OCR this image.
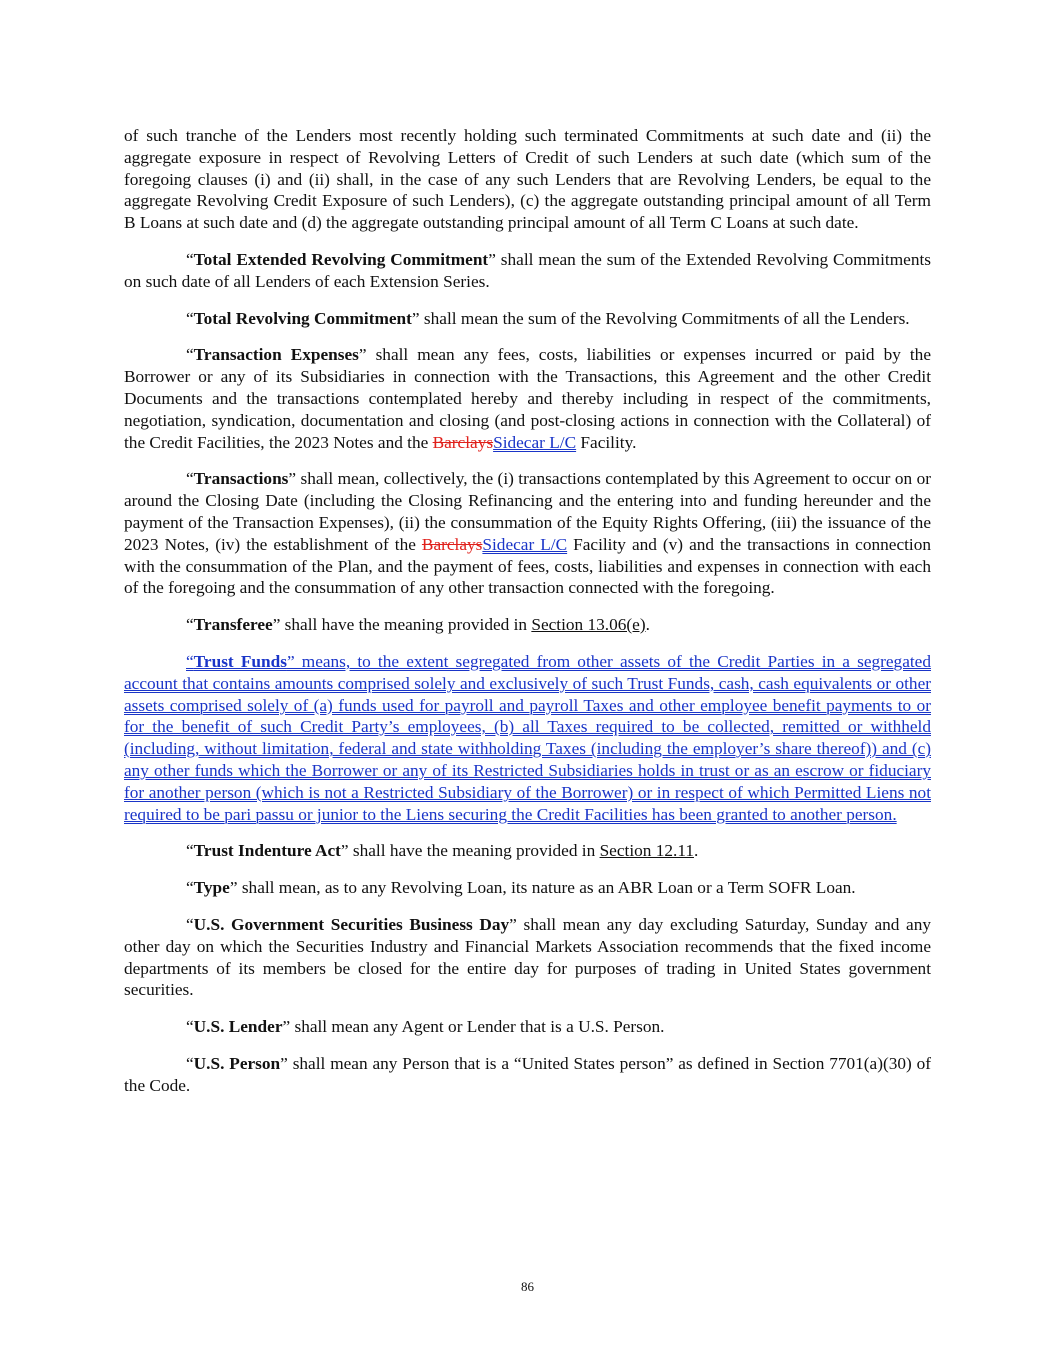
of such tranche of the Lenders most recently holding such terminated Commitments at such date and (ii) the aggregate exposure in respect of Revolving Letters of Credit of such Lenders at such date (which sum of the foregoing clauses (i) and (ii) shall, in the case of any such Lenders that are Revolving Lenders, be equal to the aggregate Revolving Credit Exposure of such Lenders), (c) the aggregate outstanding principal amount of all Term B Loans at such date and (d) the aggregate outstanding principal amount of all Term C Loans at such date.

“Total Extended Revolving Commitment” shall mean the sum of the Extended Revolving Commitments on such date of all Lenders of each Extension Series.

“Total Revolving Commitment” shall mean the sum of the Revolving Commitments of all the Lenders.

“Transaction Expenses” shall mean any fees, costs, liabilities or expenses incurred or paid by the Borrower or any of its Subsidiaries in connection with the Transactions, this Agreement and the other Credit Documents and the transactions contemplated hereby and thereby including in respect of the commitments, negotiation, syndication, documentation and closing (and post-closing actions in connection with the Collateral) of the Credit Facilities, the 2023 Notes and the BarclaysSidecar L/C Facility.

“Transactions” shall mean, collectively, the (i) transactions contemplated by this Agreement to occur on or around the Closing Date (including the Closing Refinancing and the entering into and funding hereunder and the payment of the Transaction Expenses), (ii) the consummation of the Equity Rights Offering, (iii) the issuance of the 2023 Notes, (iv) the establishment of the BarclaysSidecar L/C Facility and (v) and the transactions in connection with the consummation of the Plan, and the payment of fees, costs, liabilities and expenses in connection with each of the foregoing and the consummation of any other transaction connected with the foregoing.

“Transferee” shall have the meaning provided in Section 13.06(e).

“Trust Funds” means, to the extent segregated from other assets of the Credit Parties in a segregated account that contains amounts comprised solely and exclusively of such Trust Funds, cash, cash equivalents or other assets comprised solely of (a) funds used for payroll and payroll Taxes and other employee benefit payments to or for the benefit of such Credit Party’s employees, (b) all Taxes required to be collected, remitted or withheld (including, without limitation, federal and state withholding Taxes (including the employer’s share thereof)) and (c) any other funds which the Borrower or any of its Restricted Subsidiaries holds in trust or as an escrow or fiduciary for another person (which is not a Restricted Subsidiary of the Borrower) or in respect of which Permitted Liens not required to be pari passu or junior to the Liens securing the Credit Facilities has been granted to another person.

“Trust Indenture Act” shall have the meaning provided in Section 12.11.

“Type” shall mean, as to any Revolving Loan, its nature as an ABR Loan or a Term SOFR Loan.

“U.S. Government Securities Business Day” shall mean any day excluding Saturday, Sunday and any other day on which the Securities Industry and Financial Markets Association recommends that the fixed income departments of its members be closed for the entire day for purposes of trading in United States government securities.

“U.S. Lender” shall mean any Agent or Lender that is a U.S. Person.

“U.S. Person” shall mean any Person that is a “United States person” as defined in Section 7701(a)(30) of the Code.

86
